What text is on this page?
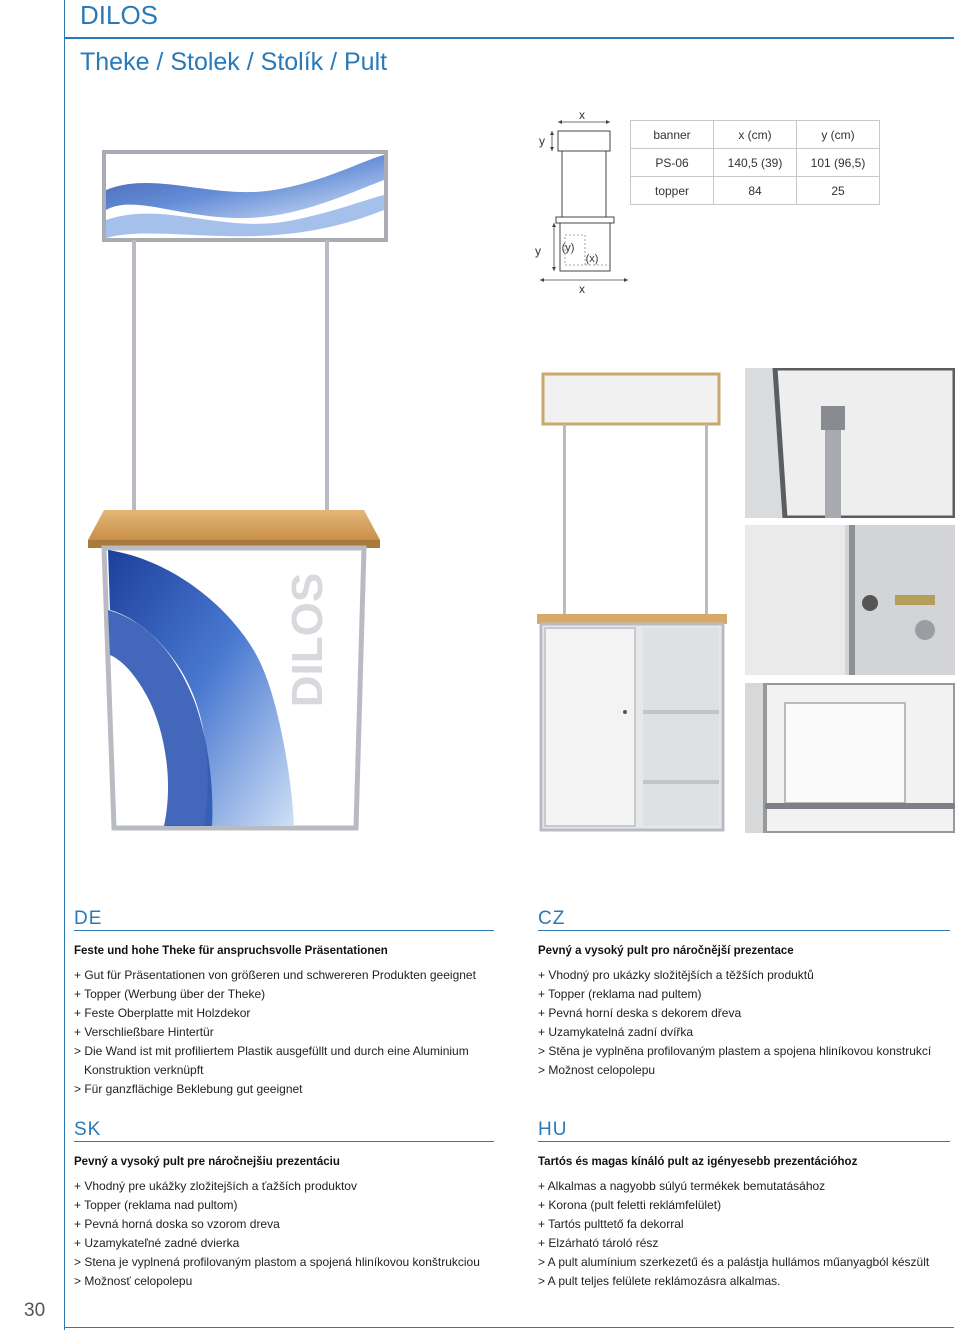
DILOS
Theke / Stolek / Stolík / Pult
x
y
y (y)
(x)
x
banner	x (cm)	y (cm)
PS-06	140,5 (39)	101 (96,5)
topper	84	25
DILOS
DE
Feste und hohe Theke für anspruchsvolle Präsentationen
+ Gut für Präsentationen von größeren und schwereren Produkten geeignet
+ Topper (Werbung über der Theke)
+ Feste Oberplatte mit Holzdekor
+ Verschließbare Hintertür
> Die Wand ist mit profiliertem Plastik ausgefüllt und durch eine Aluminium
Konstruktion verknüpft
> Für ganzflächige Beklebung gut geeignet
CZ
Pevný a vysoký pult pro náročnější prezentace
+ Vhodný pro ukázky složitějších a těžších produktů
+ Topper (reklama nad pultem)
+ Pevná horní deska s dekorem dřeva
+ Uzamykatelná zadní dvířka
> Stěna je vyplněna profilovaným plastem a spojena hliníkovou konstrukcí
> Možnost celopolepu
SK
Pevný a vysoký pult pre náročnejšiu prezentáciu
+ Vhodný pre ukážky zložitejších a ťažších produktov
+ Topper (reklama nad pultom)
+ Pevná horná doska so vzorom dreva
+ Uzamykateľné zadné dvierka
> Stena je vyplnená profilovaným plastom a spojená hliníkovou konštrukciou
> Možnosť celopolepu
HU
Tartós és magas kínáló pult az igényesebb prezentációhoz
+ Alkalmas a nagyobb súlyú termékek bemutatásához
+ Korona (pult feletti reklámfelület)
+ Tartós pulttető fa dekorral
+ Elzárható tároló rész
> A pult alumínium szerkezetű és a palástja hullámos műanyagból készült
> A pult teljes felülete reklámozásra alkalmas.
30
